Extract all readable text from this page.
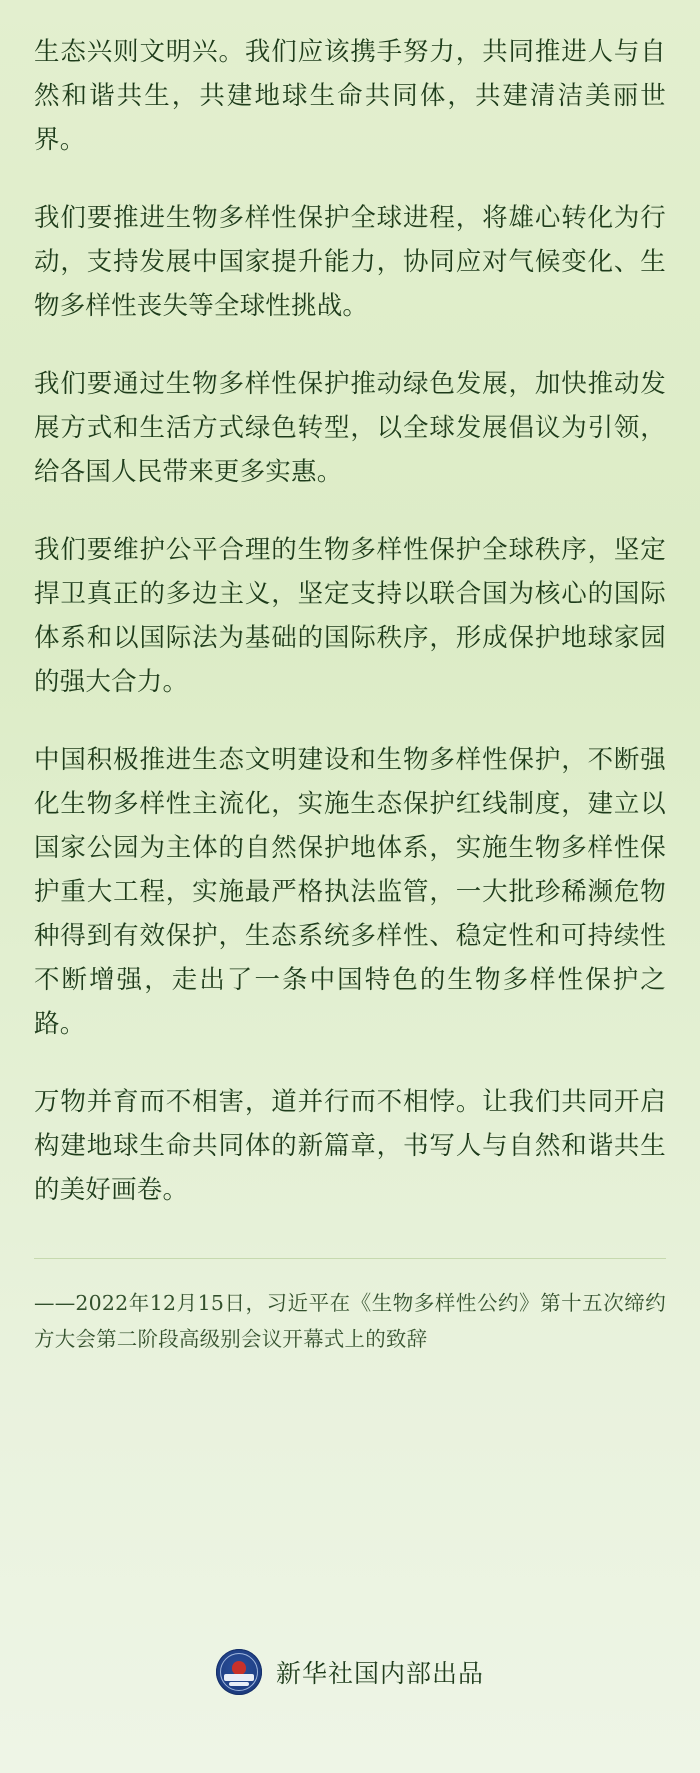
生态兴则文明兴。我们应该携手努力，共同推进人与自然和谐共生，共建地球生命共同体，共建清洁美丽世界。

我们要推进生物多样性保护全球进程，将雄心转化为行动，支持发展中国家提升能力，协同应对气候变化、生物多样性丧失等全球性挑战。

我们要通过生物多样性保护推动绿色发展，加快推动发展方式和生活方式绿色转型，以全球发展倡议为引领，给各国人民带来更多实惠。

我们要维护公平合理的生物多样性保护全球秩序，坚定捍卫真正的多边主义，坚定支持以联合国为核心的国际体系和以国际法为基础的国际秩序，形成保护地球家园的强大合力。

中国积极推进生态文明建设和生物多样性保护，不断强化生物多样性主流化，实施生态保护红线制度，建立以国家公园为主体的自然保护地体系，实施生物多样性保护重大工程，实施最严格执法监管，一大批珍稀濒危物种得到有效保护，生态系统多样性、稳定性和可持续性不断增强，走出了一条中国特色的生物多样性保护之路。

万物并育而不相害，道并行而不相悖。让我们共同开启构建地球生命共同体的新篇章，书写人与自然和谐共生的美好画卷。

——2022年12月15日，习近平在《生物多样性公约》第十五次缔约方大会第二阶段高级别会议开幕式上的致辞
新华社国内部出品
